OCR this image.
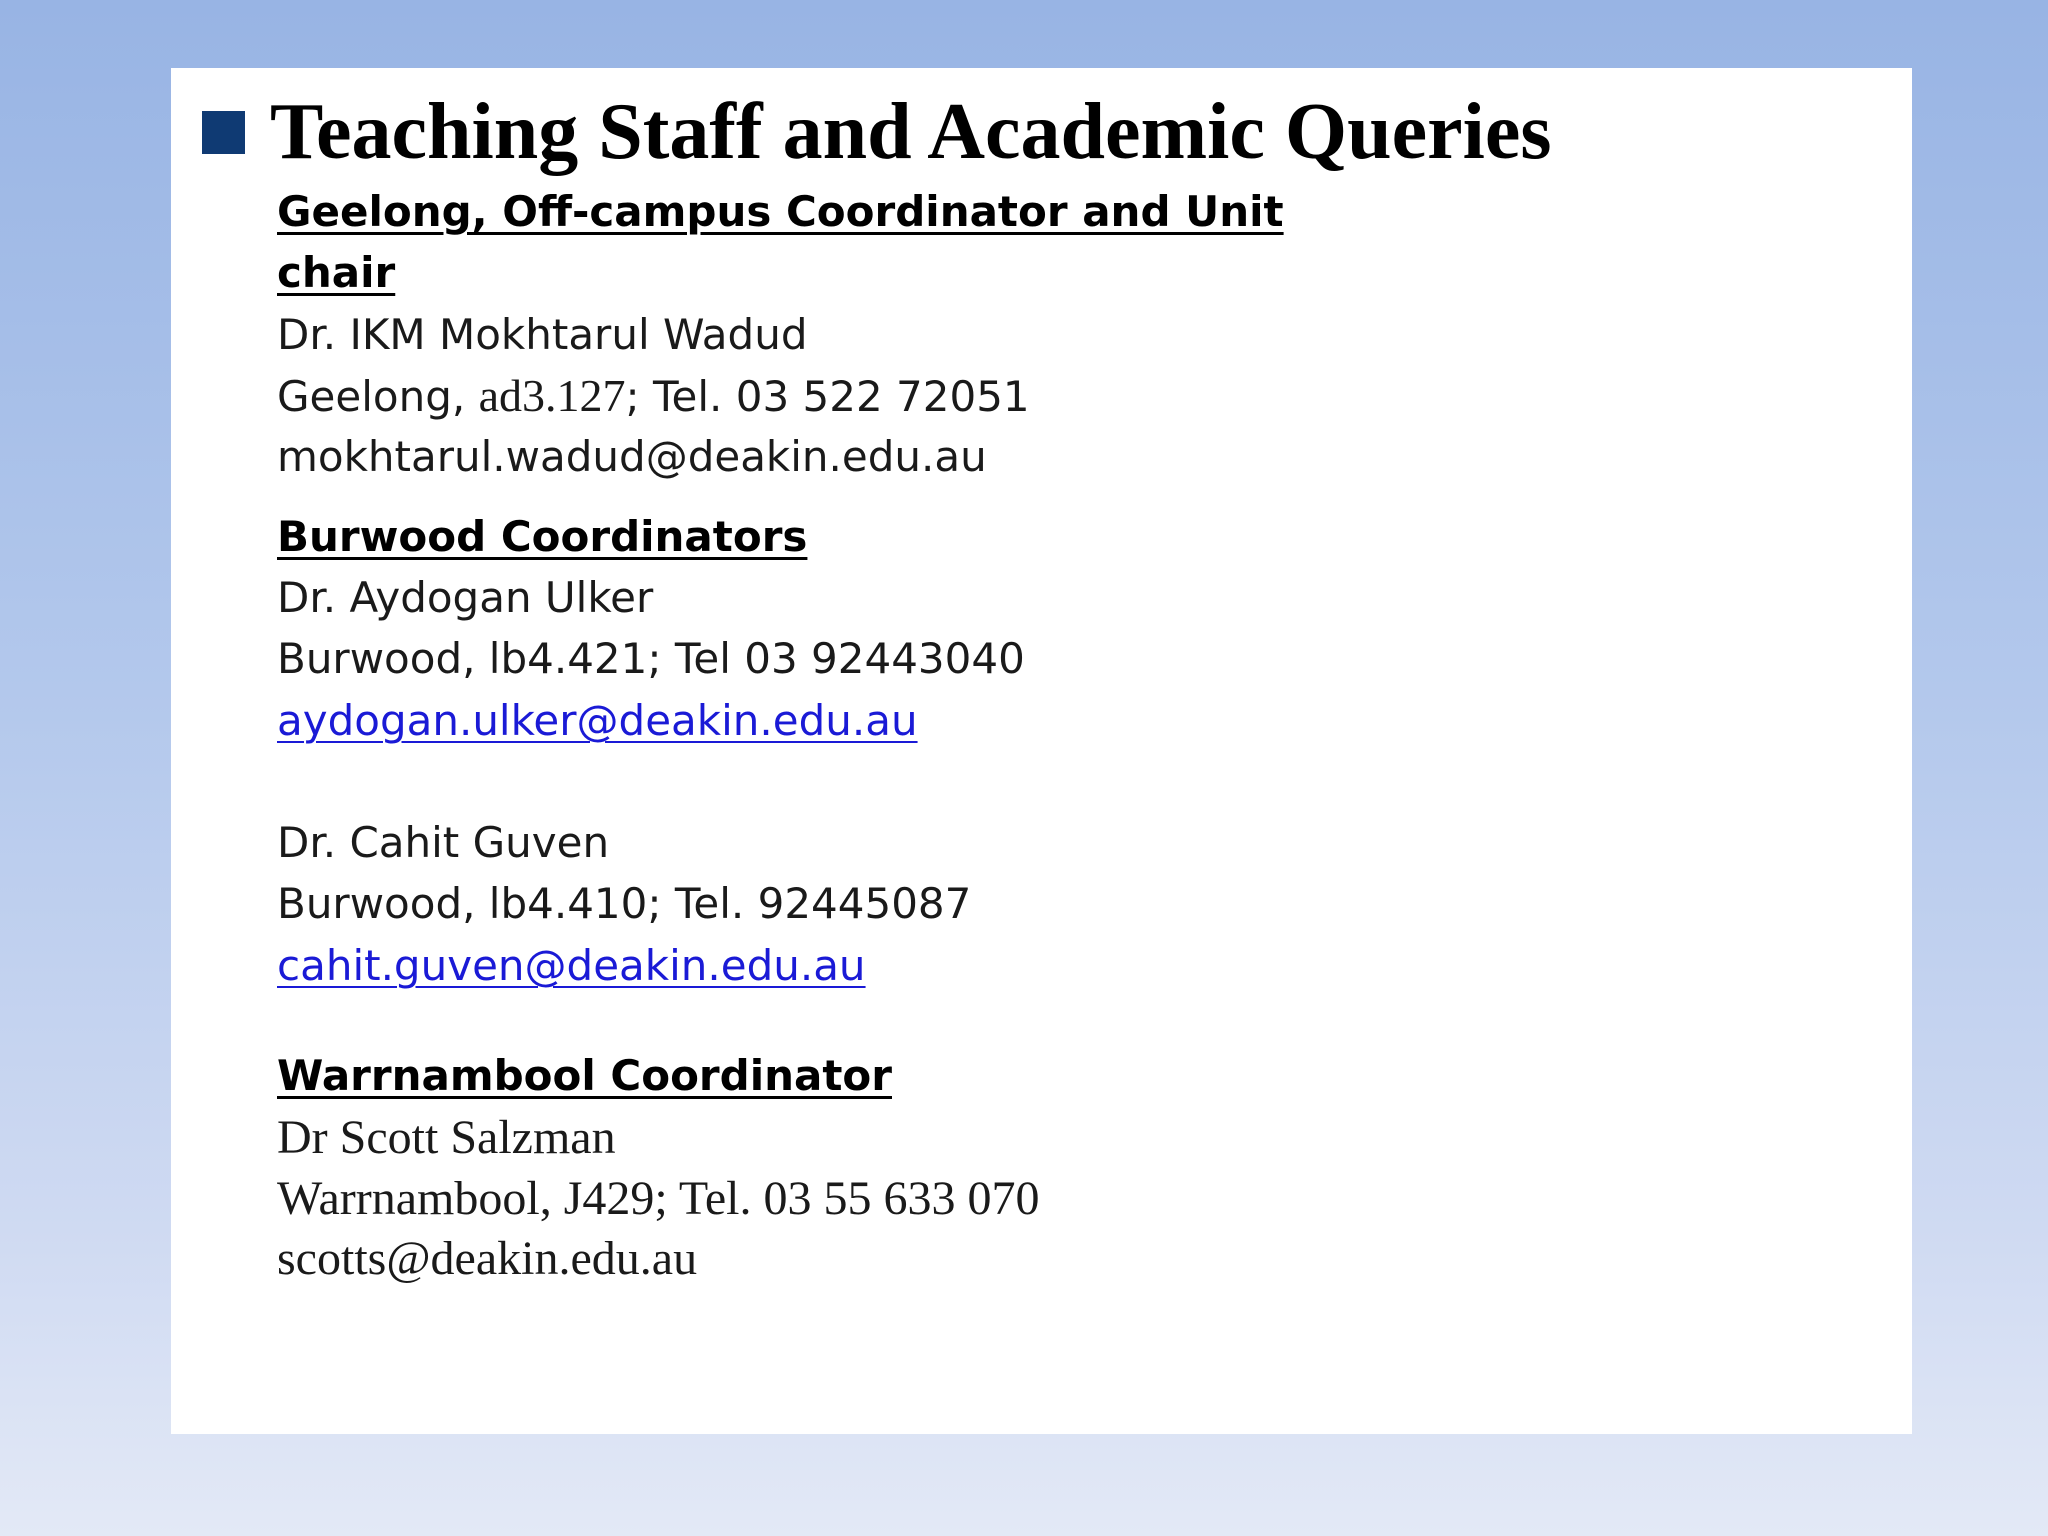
Teaching Staff and Academic Queries

Geelong, Off-campus Coordinator and Unit

chair

Dr. IKM Mokhtarul Wadud

Geelong, ad3.127; Tel. 03 522 72051

mokhtarul.wadud@deakin.edu.au

Burwood Coordinators

Dr. Aydogan Ulker

Burwood, lb4.421; Tel 03 92443040

aydogan.ulker@deakin.edu.au

Dr. Cahit Guven

Burwood, lb4.410; Tel. 92445087

cahit.guven@deakin.edu.au

Warrnambool Coordinator

Dr Scott Salzman

Warrnambool, J429; Tel. 03 55 633 070

scotts@deakin.edu.au
